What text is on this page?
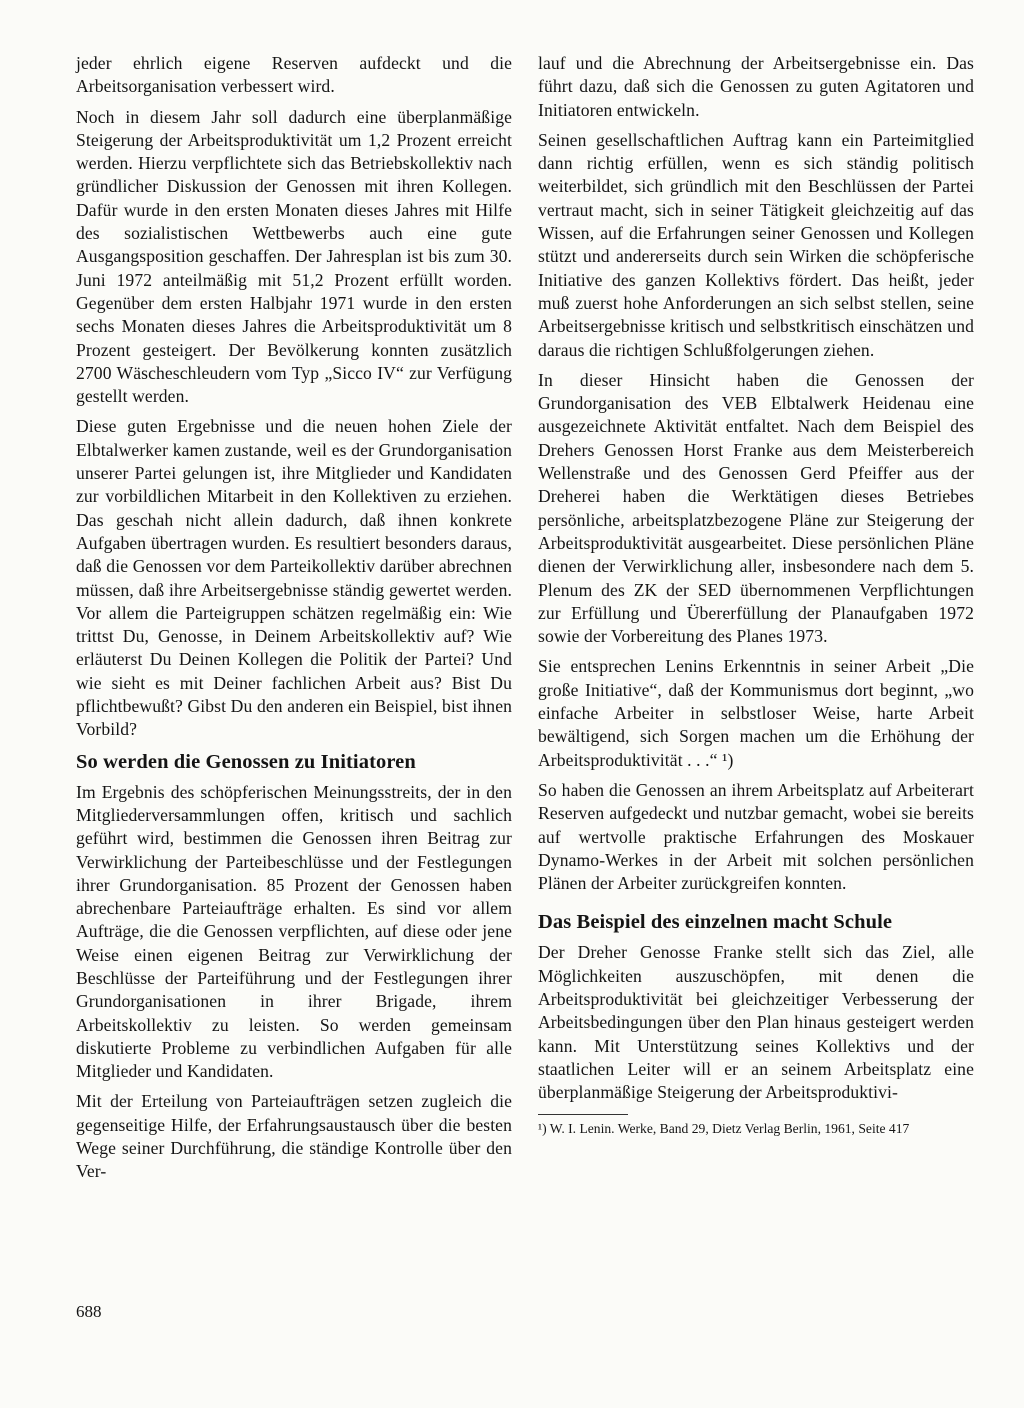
jeder ehrlich eigene Reserven aufdeckt und die Arbeitsorganisation verbessert wird.

Noch in diesem Jahr soll dadurch eine überplanmäßige Steigerung der Arbeitsproduktivität um 1,2 Prozent erreicht werden. Hierzu verpflichtete sich das Betriebskollektiv nach gründlicher Diskussion der Genossen mit ihren Kollegen. Dafür wurde in den ersten Monaten dieses Jahres mit Hilfe des sozialistischen Wettbewerbs auch eine gute Ausgangsposition geschaffen. Der Jahresplan ist bis zum 30. Juni 1972 anteilmäßig mit 51,2 Prozent erfüllt worden. Gegenüber dem ersten Halbjahr 1971 wurde in den ersten sechs Monaten dieses Jahres die Arbeitsproduktivität um 8 Prozent gesteigert. Der Bevölkerung konnten zusätzlich 2700 Wäscheschleudern vom Typ „Sicco IV“ zur Verfügung gestellt werden.

Diese guten Ergebnisse und die neuen hohen Ziele der Elbtalwerker kamen zustande, weil es der Grundorganisation unserer Partei gelungen ist, ihre Mitglieder und Kandidaten zur vorbildlichen Mitarbeit in den Kollektiven zu erziehen. Das geschah nicht allein dadurch, daß ihnen konkrete Aufgaben übertragen wurden. Es resultiert besonders daraus, daß die Genossen vor dem Parteikollektiv darüber abrechnen müssen, daß ihre Arbeitsergebnisse ständig gewertet werden. Vor allem die Parteigruppen schätzen regelmäßig ein: Wie trittst Du, Genosse, in Deinem Arbeitskollektiv auf? Wie erläuterst Du Deinen Kollegen die Politik der Partei? Und wie sieht es mit Deiner fachlichen Arbeit aus? Bist Du pflichtbewußt? Gibst Du den anderen ein Beispiel, bist ihnen Vorbild?

So werden die Genossen zu Initiatoren

Im Ergebnis des schöpferischen Meinungsstreits, der in den Mitgliederversammlungen offen, kritisch und sachlich geführt wird, bestimmen die Genossen ihren Beitrag zur Verwirklichung der Parteibeschlüsse und der Festlegungen ihrer Grundorganisation. 85 Prozent der Genossen haben abrechenbare Parteiaufträge erhalten. Es sind vor allem Aufträge, die die Genossen verpflichten, auf diese oder jene Weise einen eigenen Beitrag zur Verwirklichung der Beschlüsse der Parteiführung und der Festlegungen ihrer Grundorganisationen in ihrer Brigade, ihrem Arbeitskollektiv zu leisten. So werden gemeinsam diskutierte Probleme zu verbindlichen Aufgaben für alle Mitglieder und Kandidaten.

Mit der Erteilung von Parteiaufträgen setzen zugleich die gegenseitige Hilfe, der Erfahrungsaustausch über die besten Wege seiner Durchführung, die ständige Kontrolle über den Ver-

lauf und die Abrechnung der Arbeitsergebnisse ein. Das führt dazu, daß sich die Genossen zu guten Agitatoren und Initiatoren entwickeln.

Seinen gesellschaftlichen Auftrag kann ein Parteimitglied dann richtig erfüllen, wenn es sich ständig politisch weiterbildet, sich gründlich mit den Beschlüssen der Partei vertraut macht, sich in seiner Tätigkeit gleichzeitig auf das Wissen, auf die Erfahrungen seiner Genossen und Kollegen stützt und andererseits durch sein Wirken die schöpferische Initiative des ganzen Kollektivs fördert. Das heißt, jeder muß zuerst hohe Anforderungen an sich selbst stellen, seine Arbeitsergebnisse kritisch und selbstkritisch einschätzen und daraus die richtigen Schlußfolgerungen ziehen.

In dieser Hinsicht haben die Genossen der Grundorganisation des VEB Elbtalwerk Heidenau eine ausgezeichnete Aktivität entfaltet. Nach dem Beispiel des Drehers Genossen Horst Franke aus dem Meisterbereich Wellenstraße und des Genossen Gerd Pfeiffer aus der Dreherei haben die Werktätigen dieses Betriebes persönliche, arbeitsplatzbezogene Pläne zur Steigerung der Arbeitsproduktivität ausgearbeitet. Diese persönlichen Pläne dienen der Verwirklichung aller, insbesondere nach dem 5. Plenum des ZK der SED übernommenen Verpflichtungen zur Erfüllung und Übererfüllung der Planaufgaben 1972 sowie der Vorbereitung des Planes 1973.

Sie entsprechen Lenins Erkenntnis in seiner Arbeit „Die große Initiative“, daß der Kommunismus dort beginnt, „wo einfache Arbeiter in selbstloser Weise, harte Arbeit bewältigend, sich Sorgen machen um die Erhöhung der Arbeitsproduktivität . . .“ ¹)

So haben die Genossen an ihrem Arbeitsplatz auf Arbeiterart Reserven aufgedeckt und nutzbar gemacht, wobei sie bereits auf wertvolle praktische Erfahrungen des Moskauer Dynamo-Werkes in der Arbeit mit solchen persönlichen Plänen der Arbeiter zurückgreifen konnten.

Das Beispiel des einzelnen macht Schule

Der Dreher Genosse Franke stellt sich das Ziel, alle Möglichkeiten auszuschöpfen, mit denen die Arbeitsproduktivität bei gleichzeitiger Verbesserung der Arbeitsbedingungen über den Plan hinaus gesteigert werden kann. Mit Unterstützung seines Kollektivs und der staatlichen Leiter will er an seinem Arbeitsplatz eine überplanmäßige Steigerung der Arbeitsproduktivi-

¹) W. I. Lenin. Werke, Band 29, Dietz Verlag Berlin, 1961, Seite 417

688
